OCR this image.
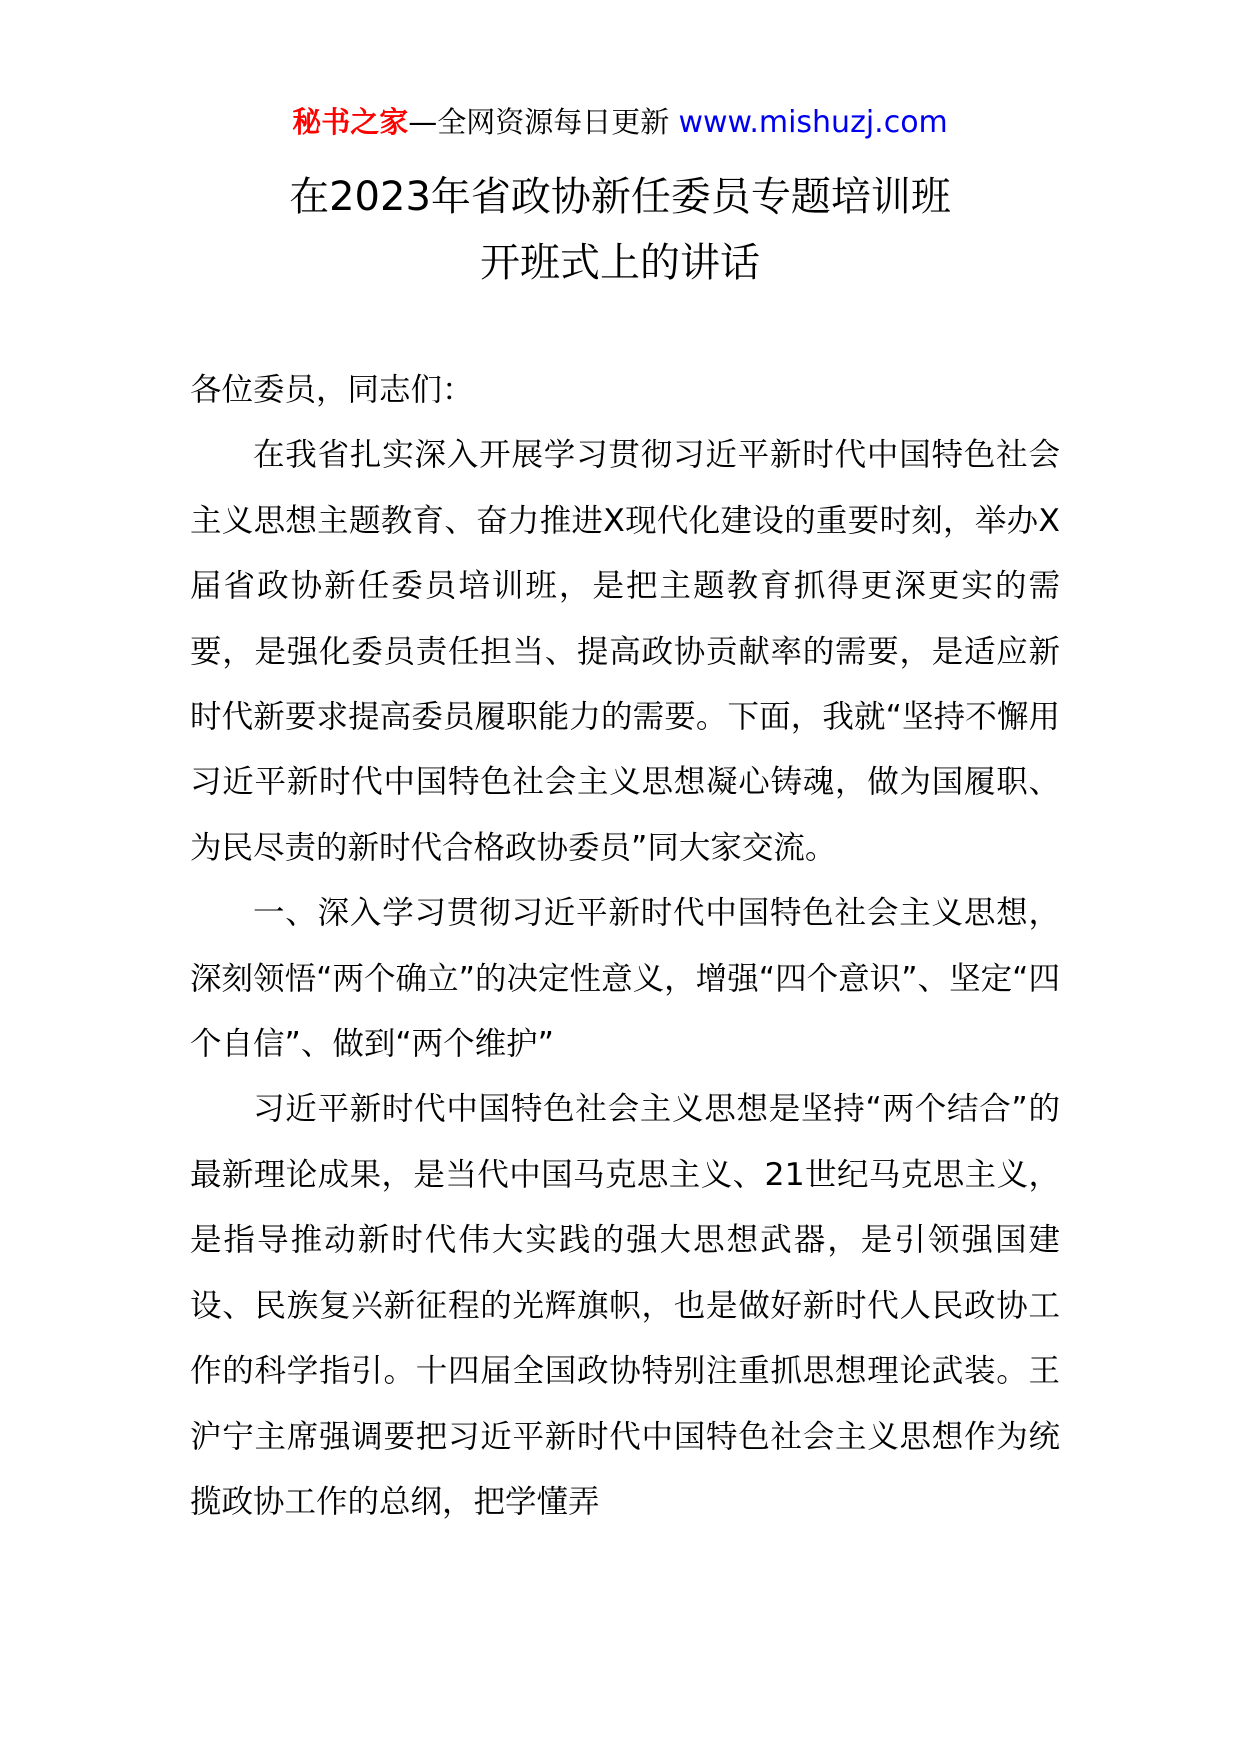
秘书之家—全网资源每日更新 www.mishuzj.com
在2023年省政协新任委员专题培训班
开班式上的讲话

各位委员，同志们：

在我省扎实深入开展学习贯彻习近平新时代中国特色社会主义思想主题教育、奋力推进X现代化建设的重要时刻，举办X届省政协新任委员培训班，是把主题教育抓得更深更实的需要，是强化委员责任担当、提高政协贡献率的需要，是适应新时代新要求提高委员履职能力的需要。下面，我就“坚持不懈用习近平新时代中国特色社会主义思想凝心铸魂，做为国履职、为民尽责的新时代合格政协委员”同大家交流。

一、深入学习贯彻习近平新时代中国特色社会主义思想，深刻领悟“两个确立”的决定性意义，增强“四个意识”、坚定“四个自信”、做到“两个维护”

习近平新时代中国特色社会主义思想是坚持“两个结合”的最新理论成果，是当代中国马克思主义、21世纪马克思主义，是指导推动新时代伟大实践的强大思想武器，是引领强国建设、民族复兴新征程的光辉旗帜，也是做好新时代人民政协工作的科学指引。十四届全国政协特别注重抓思想理论武装。王沪宁主席强调要把习近平新时代中国特色社会主义思想作为统揽政协工作的总纲，把学懂弄
